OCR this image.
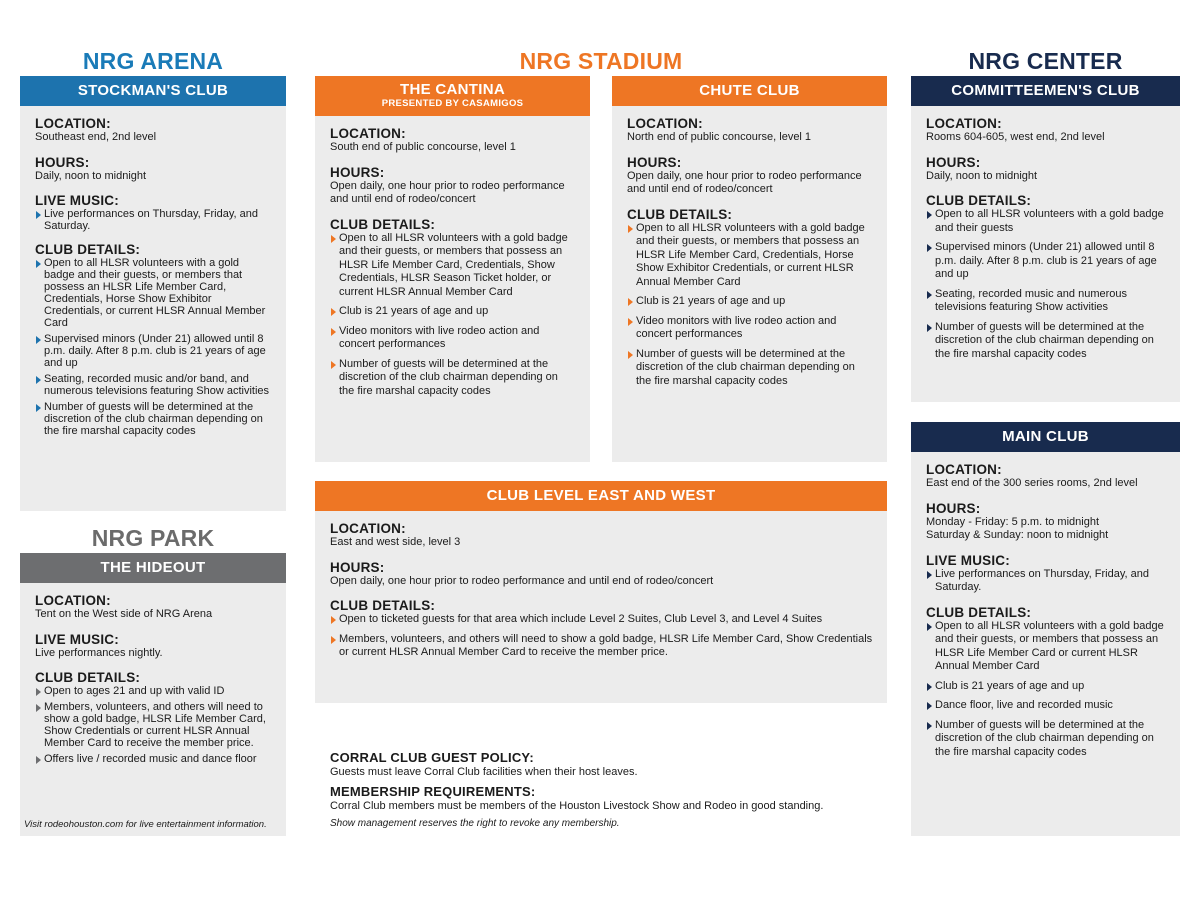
NRG ARENA	NRG STADIUM	NRG CENTER
NRG PARK
STOCKMAN'S CLUB
LOCATION:
Southeast end, 2nd level
HOURS:
Daily, noon to midnight
LIVE MUSIC:
Live performances on Thursday, Friday, and Saturday.
CLUB DETAILS:
Open to all HLSR volunteers with a gold badge and their guests, or members that possess an HLSR Life Member Card, Credentials, Horse Show Exhibitor Credentials, or current HLSR Annual Member Card
Supervised minors (Under 21) allowed until 8 p.m. daily. After 8 p.m. club is 21 years of age and up
Seating, recorded music and/or band, and numerous televisions featuring Show activities
Number of guests will be determined at the discretion of the club chairman depending on the fire marshal capacity codes
THE CANTINA
PRESENTED BY CASAMIGOS
LOCATION:
South end of public concourse, level 1
HOURS:
Open daily, one hour prior to rodeo performance and until end of rodeo/concert
CLUB DETAILS:
Open to all HLSR volunteers with a gold badge and their guests, or members that possess an HLSR Life Member Card, Credentials, Show Credentials, HLSR Season Ticket holder, or current HLSR Annual Member Card
Club is 21 years of age and up
Video monitors with live rodeo action and concert performances
Number of guests will be determined at the discretion of the club chairman depending on the fire marshal capacity codes
CHUTE CLUB
LOCATION:
North end of public concourse, level 1
HOURS:
Open daily, one hour prior to rodeo performance and until end of rodeo/concert
CLUB DETAILS:
Open to all HLSR volunteers with a gold badge and their guests, or members that possess an HLSR Life Member Card, Credentials, Horse Show Exhibitor Credentials, or current HLSR Annual Member Card
Club is 21 years of age and up
Video monitors with live rodeo action and concert performances
Number of guests will be determined at the discretion of the club chairman depending on the fire marshal capacity codes
COMMITTEEMEN'S CLUB
LOCATION:
Rooms 604-605, west end, 2nd level
HOURS:
Daily, noon to midnight
CLUB DETAILS:
Open to all HLSR volunteers with a gold badge and their guests
Supervised minors (Under 21) allowed until 8 p.m. daily. After 8 p.m. club is 21 years of age and up
Seating, recorded music and numerous televisions featuring Show activities
Number of guests will be determined at the discretion of the club chairman depending on the fire marshal capacity codes
MAIN CLUB
LOCATION:
East end of the 300 series rooms, 2nd level
HOURS:
Monday - Friday: 5 p.m. to midnight
Saturday & Sunday: noon to midnight
LIVE MUSIC:
Live performances on Thursday, Friday, and Saturday.
CLUB DETAILS:
Open to all HLSR volunteers with a gold badge and their guests, or members that possess an HLSR Life Member Card or current HLSR Annual Member Card
Club is 21 years of age and up
Dance floor, live and recorded music
Number of guests will be determined at the discretion of the club chairman depending on the fire marshal capacity codes
CLUB LEVEL EAST AND WEST
LOCATION:
East and west side, level 3
HOURS:
Open daily, one hour prior to rodeo performance and until end of rodeo/concert
CLUB DETAILS:
Open to ticketed guests for that area which include Level 2 Suites, Club Level 3, and Level 4 Suites
Members, volunteers, and others will need to show a gold badge, HLSR Life Member Card, Show Credentials or current HLSR Annual Member Card to receive the member price.
THE HIDEOUT
LOCATION:
Tent on the West side of NRG Arena
LIVE MUSIC:
Live performances nightly.
CLUB DETAILS:
Open to ages 21 and up with valid ID
Members, volunteers, and others will need to show a gold badge, HLSR Life Member Card, Show Credentials or current HLSR Annual Member Card to receive the member price.
Offers live / recorded music and dance floor
Visit rodeohouston.com for live entertainment information.
CORRAL CLUB GUEST POLICY:
Guests must leave Corral Club facilities when their host leaves.
MEMBERSHIP REQUIREMENTS:
Corral Club members must be members of the Houston Livestock Show and Rodeo in good standing.
Show management reserves the right to revoke any membership.
